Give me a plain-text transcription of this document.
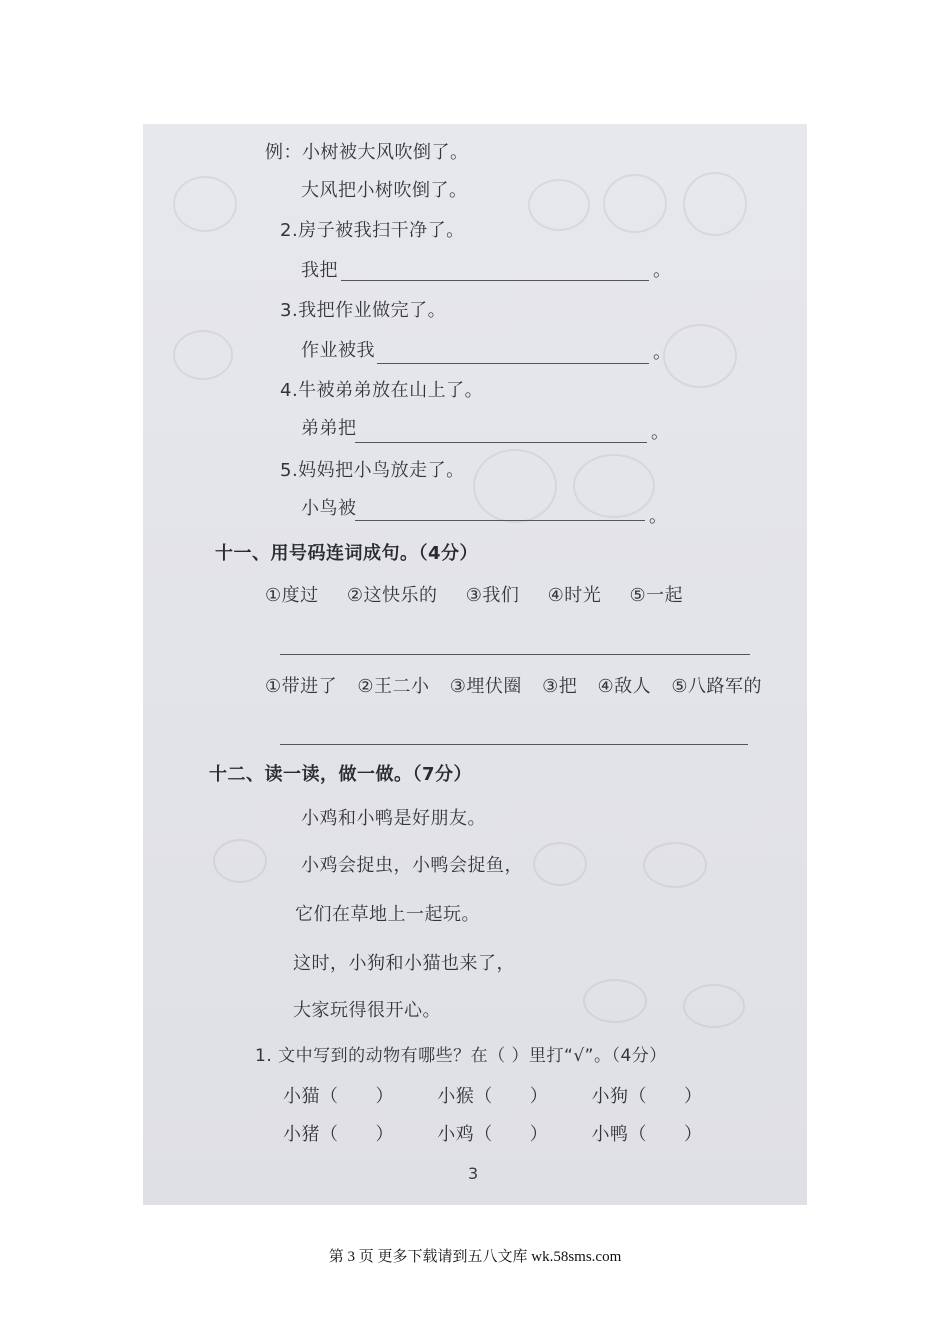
例：小树被大风吹倒了。
大风把小树吹倒了。
2.房子被我扫干净了。
我把	。
3.我把作业做完了。
作业被我	。
4.牛被弟弟放在山上了。
弟弟把	。
5.妈妈把小鸟放走了。
小鸟被	。
十一、用号码连词成句。（4分）
①度过 ②这快乐的 ③我们 ④时光 ⑤一起
①带进了 ②王二小 ③埋伏圈 ③把 ④敌人 ⑤八路军的
十二、读一读，做一做。（7分）
小鸡和小鸭是好朋友。
小鸡会捉虫，小鸭会捉鱼，
它们在草地上一起玩。
这时，小狗和小猫也来了，
大家玩得很开心。
1. 文中写到的动物有哪些？在（ ）里打“√”。（4分）
小猫（　　） 小猴（　　） 小狗（　　）
小猪（　　） 小鸡（　　） 小鸭（　　）
3
第 3 页 更多下载请到五八文库 wk.58sms.com
